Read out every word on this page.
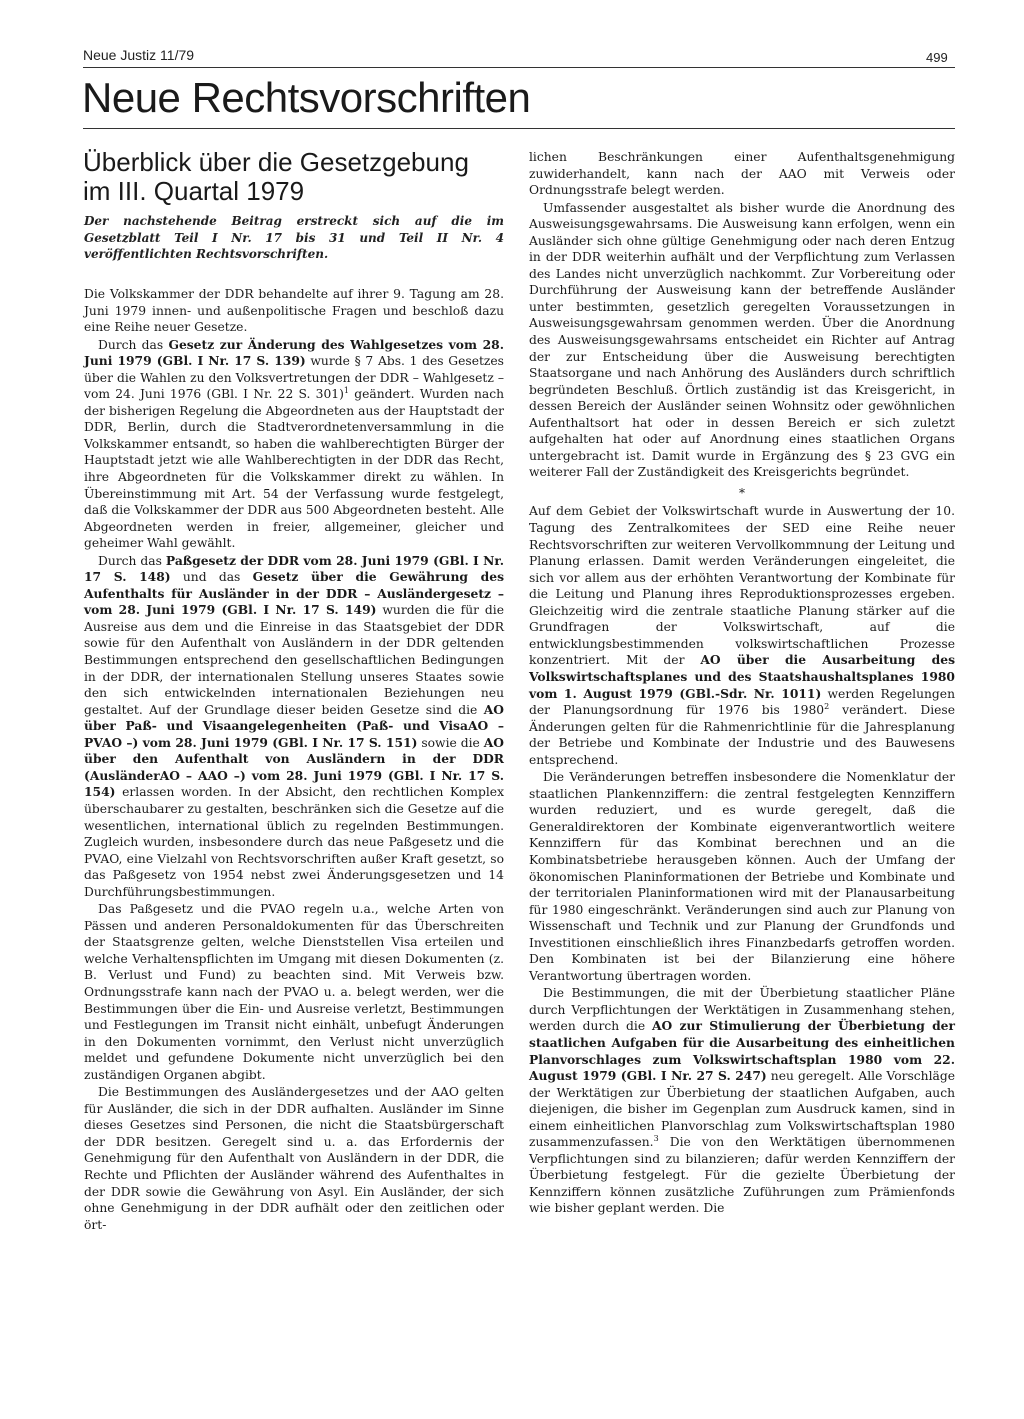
Neue Justiz 11/79	499
Neue Rechtsvorschriften
Überblick über die Gesetzgebung
im III. Quartal 1979
Der nachstehende Beitrag erstreckt sich auf die im Gesetzblatt Teil I Nr. 17 bis 31 und Teil II Nr. 4 veröffentlichten Rechtsvorschriften.

Die Volkskammer der DDR behandelte auf ihrer 9. Tagung am 28. Juni 1979 innen- und außenpolitische Fragen und beschloß dazu eine Reihe neuer Gesetze.

Durch das Gesetz zur Änderung des Wahlgesetzes vom 28. Juni 1979 (GBl. I Nr. 17 S. 139) wurde § 7 Abs. 1 des Gesetzes über die Wahlen zu den Volksvertretungen der DDR – Wahlgesetz – vom 24. Juni 1976 (GBl. I Nr. 22 S. 301)$^1$ geändert. Wurden nach der bisherigen Regelung die Abgeordneten aus der Hauptstadt der DDR, Berlin, durch die Stadtverordnetenversammlung in die Volkskammer entsandt, so haben die wahlberechtigten Bürger der Hauptstadt jetzt wie alle Wahlberechtigten in der DDR das Recht, ihre Abgeordneten für die Volkskammer direkt zu wählen. In Übereinstimmung mit Art. 54 der Verfassung wurde festgelegt, daß die Volkskammer der DDR aus 500 Abgeordneten besteht. Alle Abgeordneten werden in freier, allgemeiner, gleicher und geheimer Wahl gewählt.

Durch das Paßgesetz der DDR vom 28. Juni 1979 (GBl. I Nr. 17 S. 148) und das Gesetz über die Gewährung des Aufenthalts für Ausländer in der DDR – Ausländergesetz – vom 28. Juni 1979 (GBl. I Nr. 17 S. 149) wurden die für die Ausreise aus dem und die Einreise in das Staatsgebiet der DDR sowie für den Aufenthalt von Ausländern in der DDR geltenden Bestimmungen entsprechend den gesellschaftlichen Bedingungen in der DDR, der internationalen Stellung unseres Staates sowie den sich entwickelnden internationalen Beziehungen neu gestaltet. Auf der Grundlage dieser beiden Gesetze sind die AO über Paß- und Visaangelegenheiten (Paß- und VisaAO – PVAO –) vom 28. Juni 1979 (GBl. I Nr. 17 S. 151) sowie die AO über den Aufenthalt von Ausländern in der DDR (AusländerAO – AAO –) vom 28. Juni 1979 (GBl. I Nr. 17 S. 154) erlassen worden. In der Absicht, den rechtlichen Komplex überschaubarer zu gestalten, beschränken sich die Gesetze auf die wesentlichen, international üblich zu regelnden Bestimmungen. Zugleich wurden, insbesondere durch das neue Paßgesetz und die PVAO, eine Vielzahl von Rechtsvorschriften außer Kraft gesetzt, so das Paßgesetz von 1954 nebst zwei Änderungsgesetzen und 14 Durchführungsbestimmungen.

Das Paßgesetz und die PVAO regeln u.a., welche Arten von Pässen und anderen Personaldokumenten für das Überschreiten der Staatsgrenze gelten, welche Dienststellen Visa erteilen und welche Verhaltenspflichten im Umgang mit diesen Dokumenten (z. B. Verlust und Fund) zu beachten sind. Mit Verweis bzw. Ordnungsstrafe kann nach der PVAO u. a. belegt werden, wer die Bestimmungen über die Ein- und Ausreise verletzt, Bestimmungen und Festlegungen im Transit nicht einhält, unbefugt Änderungen in den Dokumenten vornimmt, den Verlust nicht unverzüglich meldet und gefundene Dokumente nicht unverzüglich bei den zuständigen Organen abgibt.

Die Bestimmungen des Ausländergesetzes und der AAO gelten für Ausländer, die sich in der DDR aufhalten. Ausländer im Sinne dieses Gesetzes sind Personen, die nicht die Staatsbürgerschaft der DDR besitzen. Geregelt sind u. a. das Erfordernis der Genehmigung für den Aufenthalt von Ausländern in der DDR, die Rechte und Pflichten der Ausländer während des Aufenthaltes in der DDR sowie die Gewährung von Asyl. Ein Ausländer, der sich ohne Genehmigung in der DDR aufhält oder den zeitlichen oder ört-

lichen Beschränkungen einer Aufenthaltsgenehmigung zuwiderhandelt, kann nach der AAO mit Verweis oder Ordnungsstrafe belegt werden.

Umfassender ausgestaltet als bisher wurde die Anordnung des Ausweisungsgewahrsams. Die Ausweisung kann erfolgen, wenn ein Ausländer sich ohne gültige Genehmigung oder nach deren Entzug in der DDR weiterhin aufhält und der Verpflichtung zum Verlassen des Landes nicht unverzüglich nachkommt. Zur Vorbereitung oder Durchführung der Ausweisung kann der betreffende Ausländer unter bestimmten, gesetzlich geregelten Voraussetzungen in Ausweisungsgewahrsam genommen werden. Über die Anordnung des Ausweisungsgewahrsams entscheidet ein Richter auf Antrag der zur Entscheidung über die Ausweisung berechtigten Staatsorgane und nach Anhörung des Ausländers durch schriftlich begründeten Beschluß. Örtlich zuständig ist das Kreisgericht, in dessen Bereich der Ausländer seinen Wohnsitz oder gewöhnlichen Aufenthaltsort hat oder in dessen Bereich er sich zuletzt aufgehalten hat oder auf Anordnung eines staatlichen Organs untergebracht ist. Damit wurde in Ergänzung des § 23 GVG ein weiterer Fall der Zuständigkeit des Kreisgerichts begründet.

*

Auf dem Gebiet der Volkswirtschaft wurde in Auswertung der 10. Tagung des Zentralkomitees der SED eine Reihe neuer Rechtsvorschriften zur weiteren Vervollkommnung der Leitung und Planung erlassen. Damit werden Veränderungen eingeleitet, die sich vor allem aus der erhöhten Verantwortung der Kombinate für die Leitung und Planung ihres Reproduktionsprozesses ergeben. Gleichzeitig wird die zentrale staatliche Planung stärker auf die Grundfragen der Volkswirtschaft, auf die entwicklungsbestimmenden volkswirtschaftlichen Prozesse konzentriert. Mit der AO über die Ausarbeitung des Volkswirtschaftsplanes und des Staatshaushaltsplanes 1980 vom 1. August 1979 (GBl.-Sdr. Nr. 1011) werden Regelungen der Planungsordnung für 1976 bis 1980$^2$ verändert. Diese Änderungen gelten für die Rahmenrichtlinie für die Jahresplanung der Betriebe und Kombinate der Industrie und des Bauwesens entsprechend.

Die Veränderungen betreffen insbesondere die Nomenklatur der staatlichen Plankennziffern: die zentral festgelegten Kennziffern wurden reduziert, und es wurde geregelt, daß die Generaldirektoren der Kombinate eigenverantwortlich weitere Kennziffern für das Kombinat berechnen und an die Kombinatsbetriebe herausgeben können. Auch der Umfang der ökonomischen Planinformationen der Betriebe und Kombinate und der territorialen Planinformationen wird mit der Planausarbeitung für 1980 eingeschränkt. Veränderungen sind auch zur Planung von Wissenschaft und Technik und zur Planung der Grundfonds und Investitionen einschließlich ihres Finanzbedarfs getroffen worden. Den Kombinaten ist bei der Bilanzierung eine höhere Verantwortung übertragen worden.

Die Bestimmungen, die mit der Überbietung staatlicher Pläne durch Verpflichtungen der Werktätigen in Zusammenhang stehen, werden durch die AO zur Stimulierung der Überbietung der staatlichen Aufgaben für die Ausarbeitung des einheitlichen Planvorschlages zum Volkswirtschaftsplan 1980 vom 22. August 1979 (GBl. I Nr. 27 S. 247) neu geregelt. Alle Vorschläge der Werktätigen zur Überbietung der staatlichen Aufgaben, auch diejenigen, die bisher im Gegenplan zum Ausdruck kamen, sind in einem einheitlichen Planvorschlag zum Volkswirtschaftsplan 1980 zusammenzufassen.$^3$ Die von den Werktätigen übernommenen Verpflichtungen sind zu bilanzieren; dafür werden Kennziffern der Überbietung festgelegt. Für die gezielte Überbietung der Kennziffern können zusätzliche Zuführungen zum Prämienfonds wie bisher geplant werden. Die
